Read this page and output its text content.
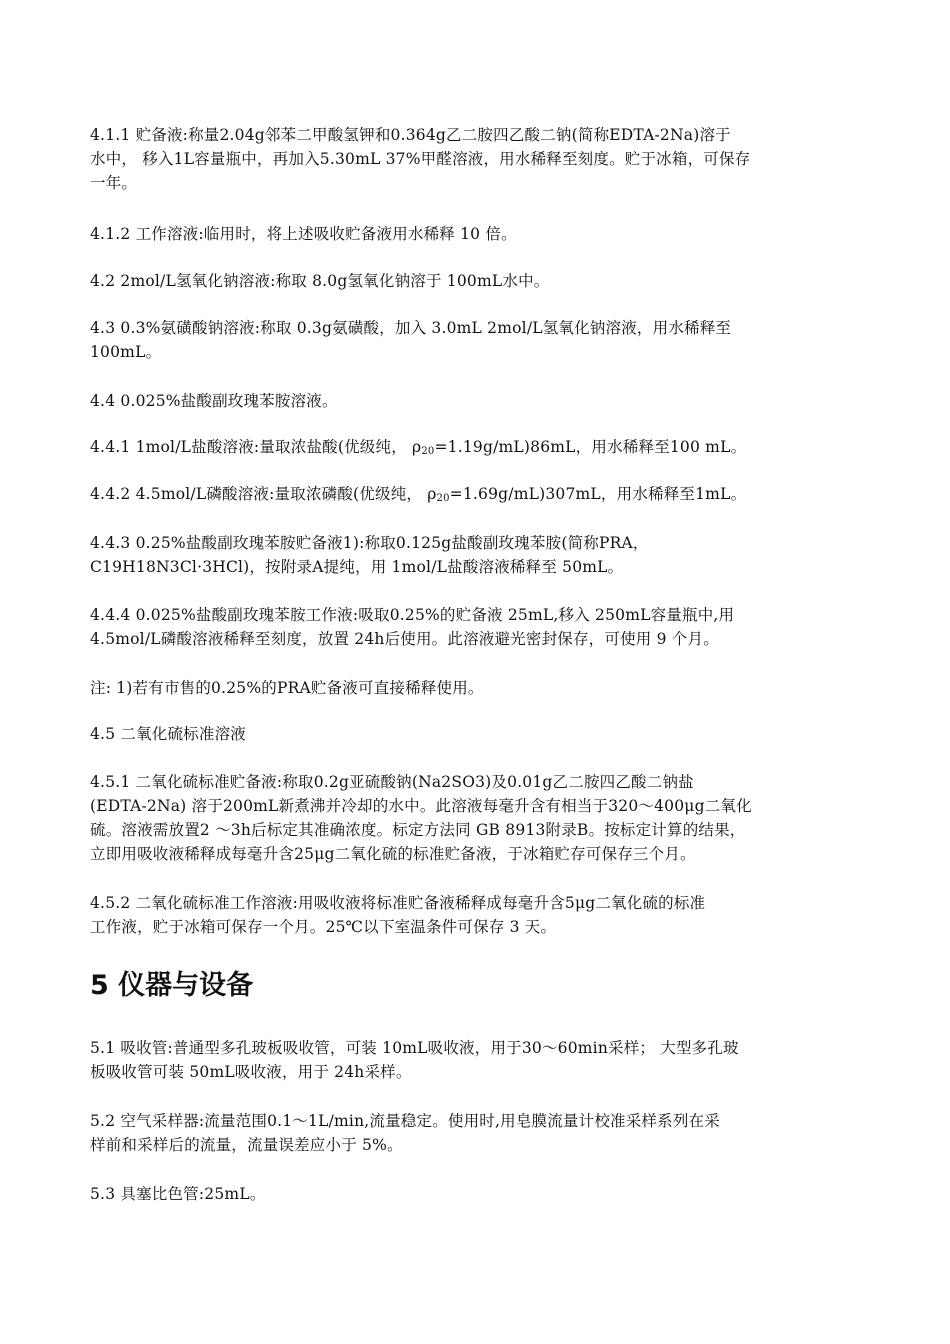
4.1.1 贮备液:称量2.04g邻苯二甲酸氢钾和0.364g乙二胺四乙酸二钠(简称EDTA-2Na)溶于
水中， 移入1L容量瓶中，再加入5.30mL 37%甲醛溶液，用水稀释至刻度。贮于冰箱，可保存
一年。

4.1.2 工作溶液:临用时，将上述吸收贮备液用水稀释 10 倍。

4.2 2mol/L氢氧化钠溶液:称取 8.0g氢氧化钠溶于 100mL水中。

4.3 0.3%氨磺酸钠溶液:称取 0.3g氨磺酸，加入 3.0mL 2mol/L氢氧化钠溶液，用水稀释至
100mL。

4.4 0.025%盐酸副玫瑰苯胺溶液。

4.4.1 1mol/L盐酸溶液:量取浓盐酸(优级纯， $\rho_{20}=1.19g/mL)86mL$，用水稀释至100 mL。

4.4.2 4.5mol/L磷酸溶液:量取浓磷酸(优级纯， $\rho_{20}=1.69g/mL)307mL$，用水稀释至1mL。

4.4.3 0.25%盐酸副玫瑰苯胺贮备液1):称取0.125g盐酸副玫瑰苯胺(简称PRA，
C19H18N3Cl·3HCl)，按附录A提纯，用 1mol/L盐酸溶液稀释至 50mL。

4.4.4 0.025%盐酸副玫瑰苯胺工作液:吸取0.25%的贮备液 25mL,移入 250mL容量瓶中,用
4.5mol/L磷酸溶液稀释至刻度，放置 24h后使用。此溶液避光密封保存，可使用 9 个月。

注: 1)若有市售的0.25%的PRA贮备液可直接稀释使用。

4.5 二氧化硫标准溶液

4.5.1 二氧化硫标准贮备液:称取0.2g亚硫酸钠(Na2SO3)及0.01g乙二胺四乙酸二钠盐
(EDTA-2Na) 溶于200mL新煮沸并冷却的水中。此溶液每毫升含有相当于320～400μg二氧化
硫。溶液需放置2 ～3h后标定其准确浓度。标定方法同 GB 8913附录B。按标定计算的结果，
立即用吸收液稀释成每毫升含25μg二氧化硫的标准贮备液，于冰箱贮存可保存三个月。

4.5.2 二氧化硫标准工作溶液:用吸收液将标准贮备液稀释成每毫升含5μg二氧化硫的标准
工作液，贮于冰箱可保存一个月。25℃以下室温条件可保存 3 天。

5 仪器与设备

5.1 吸收管:普通型多孔玻板吸收管，可装 10mL吸收液，用于30～60min采样； 大型多孔玻
板吸收管可装 50mL吸收液，用于 24h采样。

5.2 空气采样器:流量范围0.1～1L/min,流量稳定。使用时,用皂膜流量计校准采样系列在采
样前和采样后的流量，流量误差应小于 5%。

5.3 具塞比色管:25mL。
